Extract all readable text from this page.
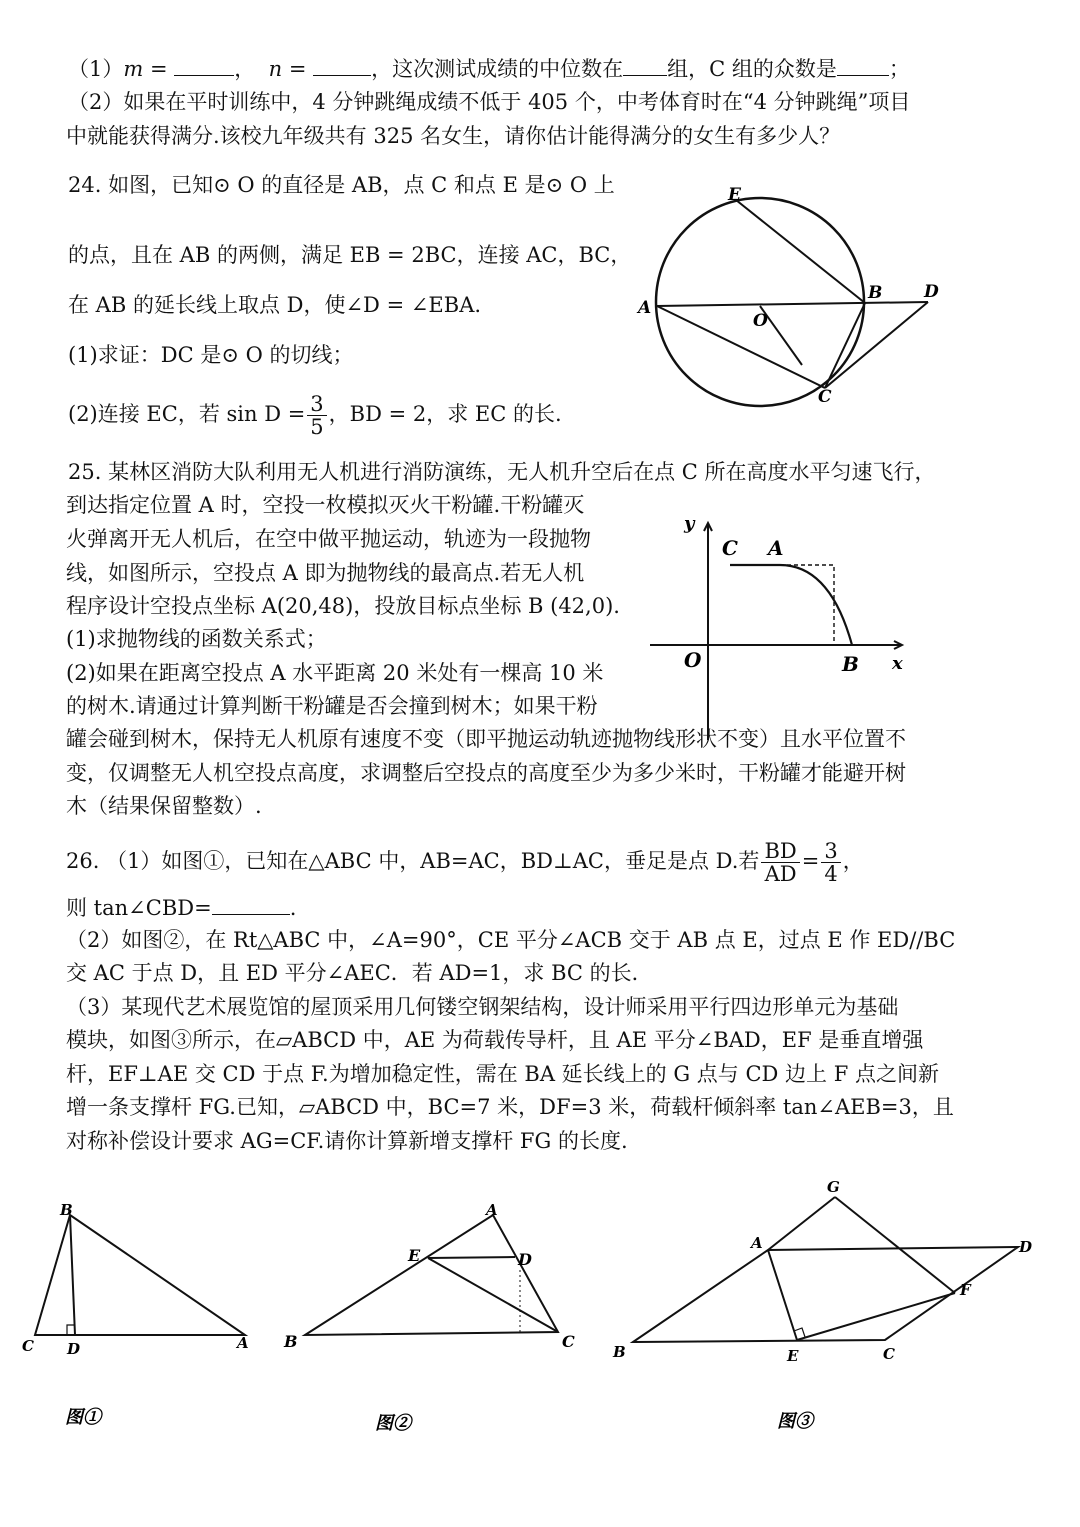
（1）m =	， n =	，这次测试成绩的中位数在 组，C 组的众数是 ；
（2）如果在平时训练中，4 分钟跳绳成绩不低于 405 个，中考体育时在“4 分钟跳绳”项目
中就能获得满分.该校九年级共有 325 名女生，请你估计能得满分的女生有多少人？
24. 如图，已知⊙ O 的直径是 AB，点 C 和点 E 是⊙ O 上
的点，且在 AB 的两侧，满足 EB = 2BC，连接 AC，BC，
在 AB 的延长线上取点 D，使∠D = ∠EBA.
(1)求证：DC 是⊙ O 的切线；
(2)连接 EC，若 $\sin D = \frac{3}{5}$ ，BD = 2，求 EC 的长.
E
A
O
B D
C
25. 某林区消防大队利用无人机进行消防演练，无人机升空后在点 C 所在高度水平匀速飞行，
到达指定位置 A 时，空投一枚模拟灭火干粉罐.干粉罐灭
火弹离开无人机后，在空中做平抛运动，轨迹为一段抛物
线，如图所示，空投点 A 即为抛物线的最高点.若无人机
程序设计空投点坐标 A(20,48)，投放目标点坐标 B (42,0).
(1)求抛物线的函数关系式；
(2)如果在距离空投点 A 水平距离 20 米处有一棵高 10 米
的树木.请通过计算判断干粉罐是否会撞到树木；如果干粉
罐会碰到树木，保持无人机原有速度不变（即平抛运动轨迹抛物线形状不变）且水平位置不
变，仅调整无人机空投点高度，求调整后空投点的高度至少为多少米时，干粉罐才能避开树
木（结果保留整数）.
y
C A
O	B x
26. （1）如图①，已知在△ABC 中，AB=AC，BD⊥AC，垂足是点 D.若 $\frac{BD}{AD} = \frac{3}{4}$ ，
则 tan∠CBD=	.
（2）如图②，在 Rt△ABC 中，∠A=90°，CE 平分∠ACB 交于 AB 点 E，过点 E 作 ED//BC
交 AC 于点 D，且 ED 平分∠AEC．若 AD=1，求 BC 的长．
（3）某现代艺术展览馆的屋顶采用几何镂空钢架结构，设计师采用平行四边形单元为基础
模块，如图③所示，在▱ABCD 中，AE 为荷载传导杆，且 AE 平分∠BAD，EF 是垂直增强
杆，EF⊥AE 交 CD 于点 F.为增加稳定性，需在 BA 延长线上的 G 点与 CD 边上 F 点之间新
增一条支撑杆 FG.已知，▱ABCD 中，BC=7 米，DF=3 米，荷载杆倾斜率 tan∠AEB=3，且
对称补偿设计要求 AG=CF.请你计算新增支撑杆 FG 的长度.
B
C D	A
图①
A
E	D
B	C
图②
G
A	D
F
B	E	C
图③
